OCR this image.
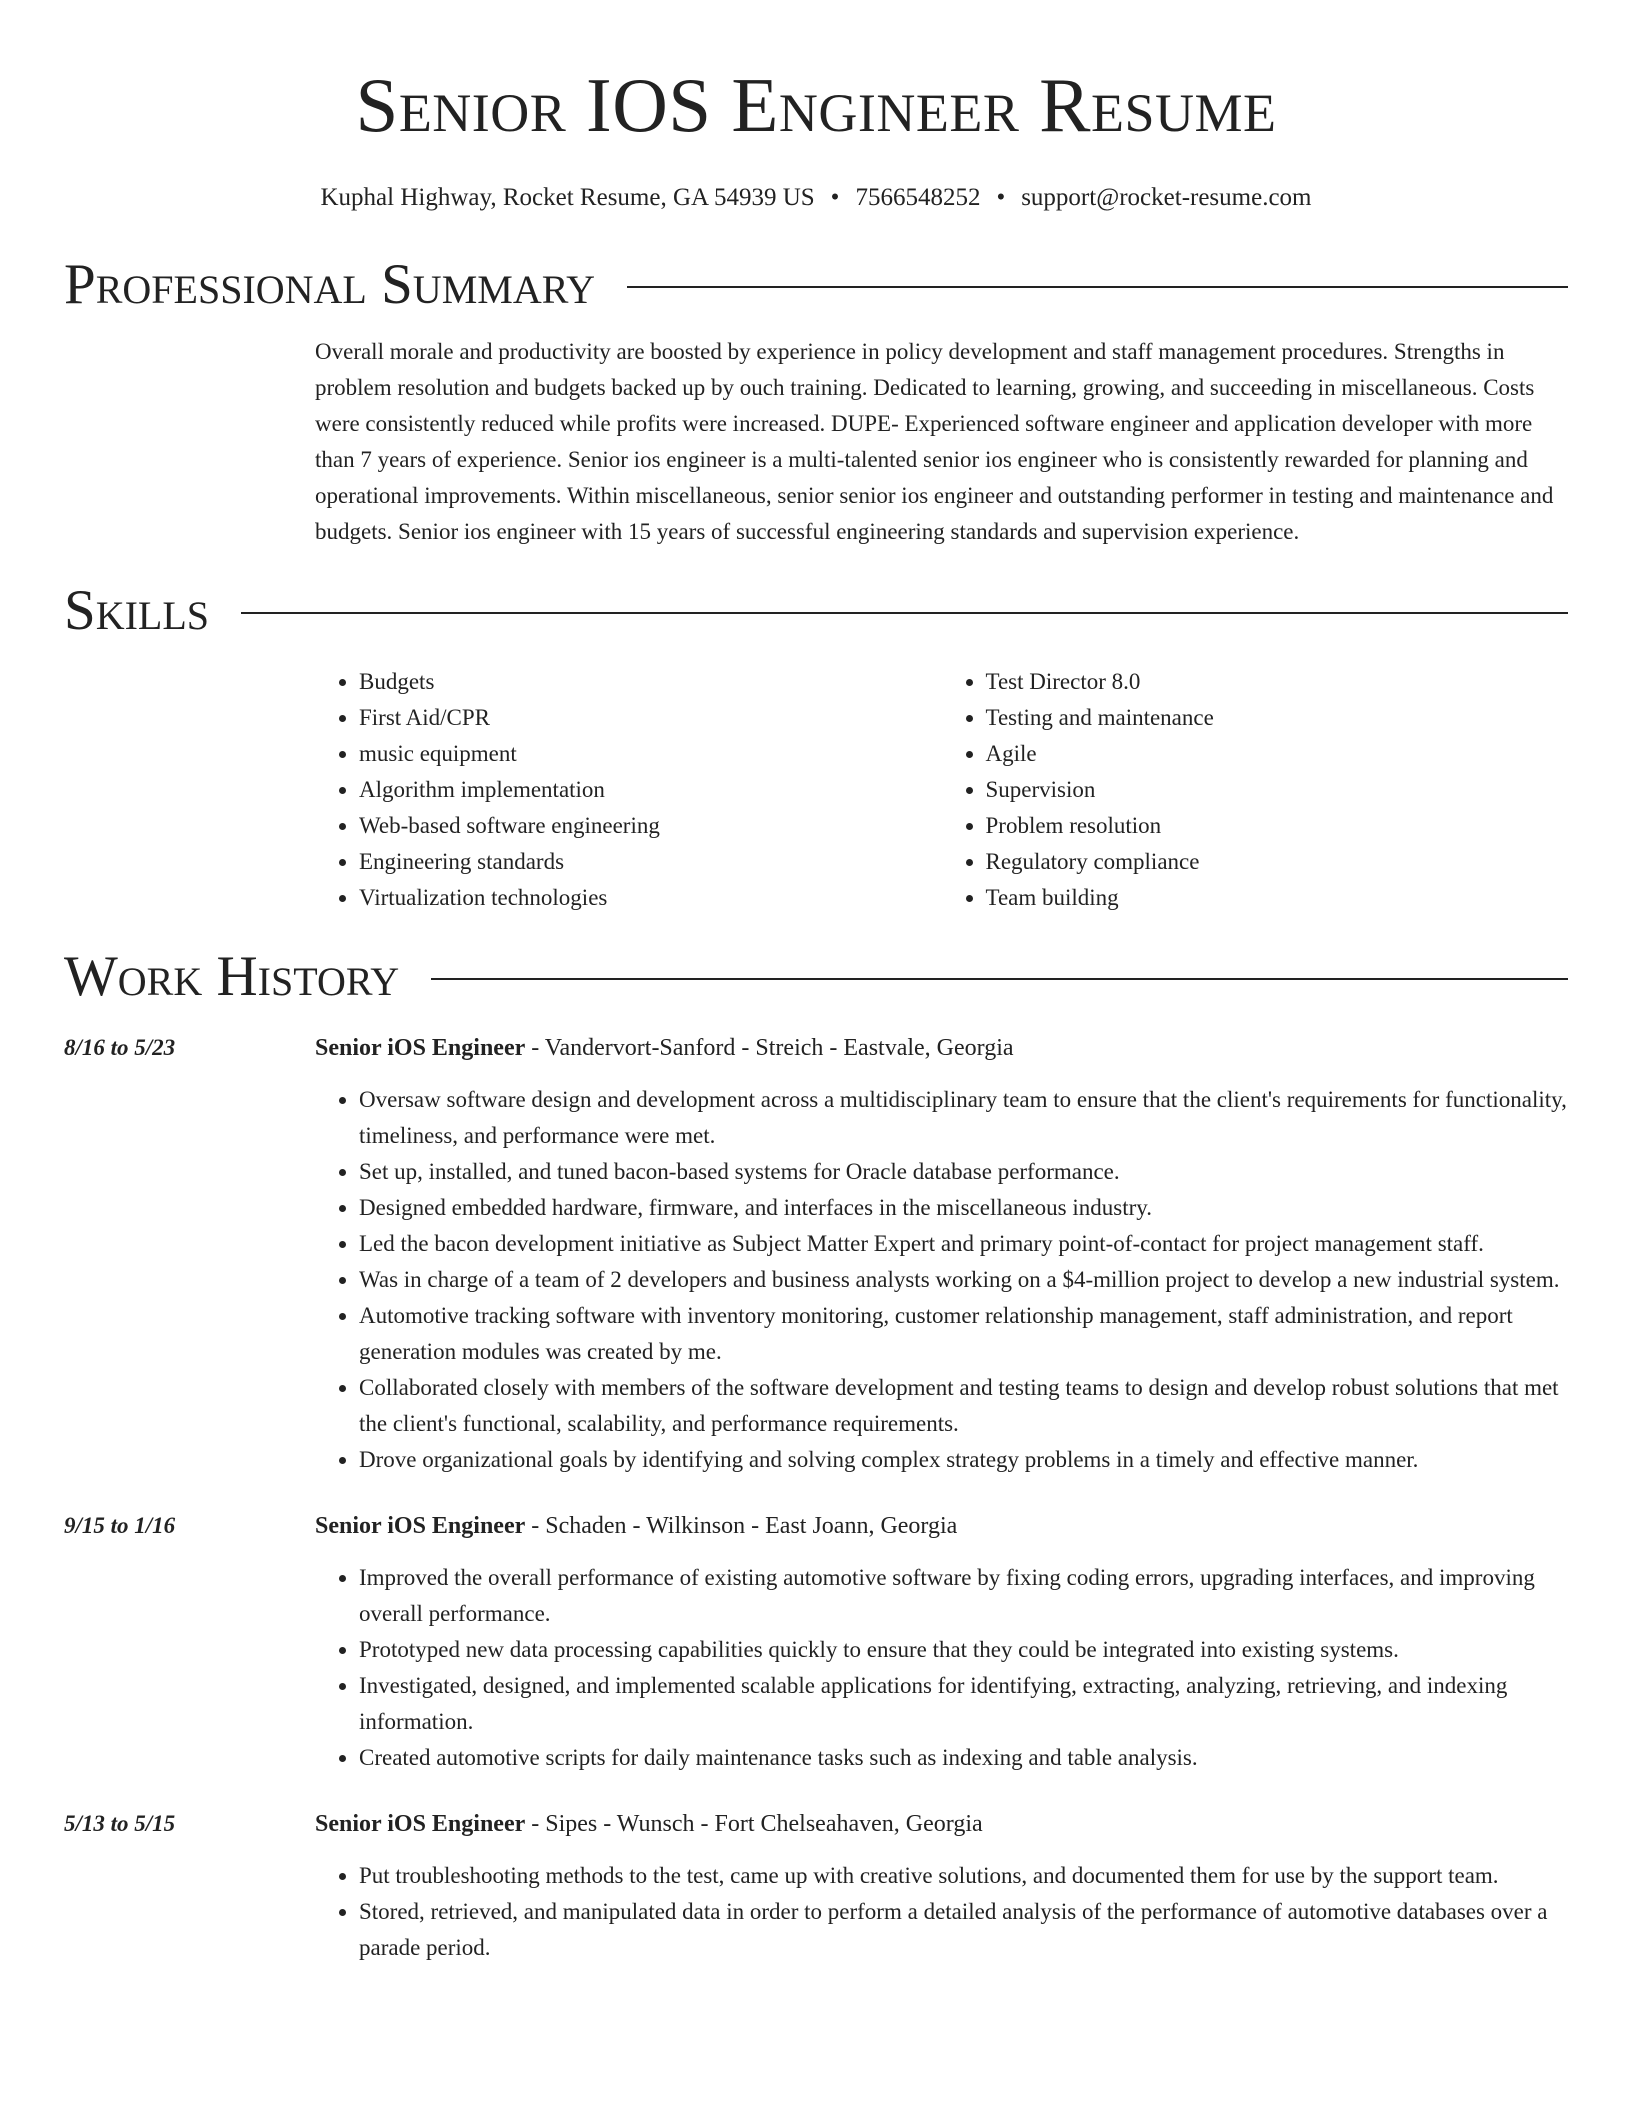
Senior IOS Engineer Resume
Kuphal Highway, Rocket Resume, GA 54939 US • 7566548252 • support@rocket-resume.com
Professional Summary
Overall morale and productivity are boosted by experience in policy development and staff management procedures. Strengths in problem resolution and budgets backed up by ouch training. Dedicated to learning, growing, and succeeding in miscellaneous. Costs were consistently reduced while profits were increased. DUPE- Experienced software engineer and application developer with more than 7 years of experience. Senior ios engineer is a multi-talented senior ios engineer who is consistently rewarded for planning and operational improvements. Within miscellaneous, senior senior ios engineer and outstanding performer in testing and maintenance and budgets. Senior ios engineer with 15 years of successful engineering standards and supervision experience.
Skills
• Budgets
• First Aid/CPR
• music equipment
• Algorithm implementation
• Web-based software engineering
• Engineering standards
• Virtualization technologies
• Test Director 8.0
• Testing and maintenance
• Agile
• Supervision
• Problem resolution
• Regulatory compliance
• Team building
Work History
8/16 to 5/23	Senior iOS Engineer - Vandervort-Sanford - Streich - Eastvale, Georgia
• Oversaw software design and development across a multidisciplinary team to ensure that the client's requirements for functionality, timeliness, and performance were met.
• Set up, installed, and tuned bacon-based systems for Oracle database performance.
• Designed embedded hardware, firmware, and interfaces in the miscellaneous industry.
• Led the bacon development initiative as Subject Matter Expert and primary point-of-contact for project management staff.
• Was in charge of a team of 2 developers and business analysts working on a $4-million project to develop a new industrial system.
• Automotive tracking software with inventory monitoring, customer relationship management, staff administration, and report generation modules was created by me.
• Collaborated closely with members of the software development and testing teams to design and develop robust solutions that met the client's functional, scalability, and performance requirements.
• Drove organizational goals by identifying and solving complex strategy problems in a timely and effective manner.
9/15 to 1/16	Senior iOS Engineer - Schaden - Wilkinson - East Joann, Georgia
• Improved the overall performance of existing automotive software by fixing coding errors, upgrading interfaces, and improving overall performance.
• Prototyped new data processing capabilities quickly to ensure that they could be integrated into existing systems.
• Investigated, designed, and implemented scalable applications for identifying, extracting, analyzing, retrieving, and indexing information.
• Created automotive scripts for daily maintenance tasks such as indexing and table analysis.
5/13 to 5/15	Senior iOS Engineer - Sipes - Wunsch - Fort Chelseahaven, Georgia
• Put troubleshooting methods to the test, came up with creative solutions, and documented them for use by the support team.
• Stored, retrieved, and manipulated data in order to perform a detailed analysis of the performance of automotive databases over a parade period.
